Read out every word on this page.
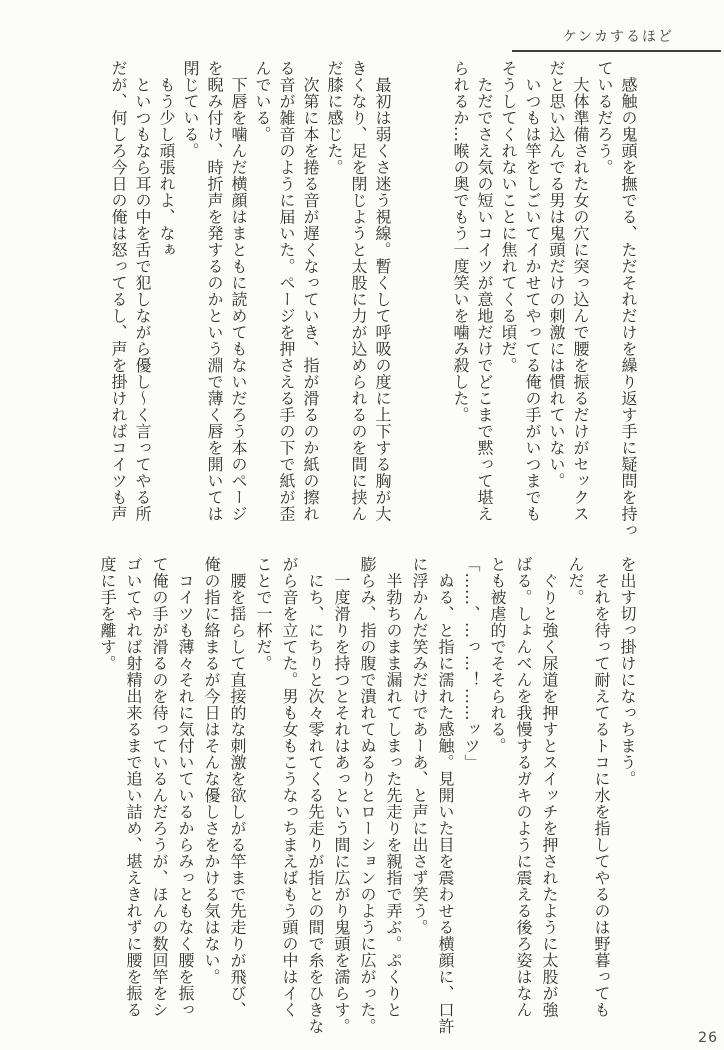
ケンカするほど

　感触の鬼頭を撫でる、ただそれだけを繰り返す手に疑問を持っ

ているだろう。

　大体準備された女の穴に突っ込んで腰を振るだけがセックス

だと思い込んでる男は鬼頭だけの刺激には慣れていない。

　いつもは竿をしごいてイかせてやってる俺の手がいつまでも

そうしてくれないことに焦れてくる頃だ。

　ただでさえ気の短いコイツが意地だけでどこまで黙って堪え

られるか…喉の奥でもう一度笑いを噛み殺した。

　最初は弱くさ迷う視線。暫くして呼吸の度に上下する胸が大

きくなり、足を閉じようと太股に力が込められるのを間に挟ん

だ膝に感じた。

　次第に本を捲る音が遅くなっていき、指が滑るのか紙の擦れ

る音が雑音のように届いた。ページを押さえる手の下で紙が歪

んでいる。

　下唇を噛んだ横顔はまともに読めてもないだろう本のページ

を睨み付け、時折声を発するのかという淵で薄く唇を開いては

閉じている。

　もう少し頑張れよ、なぁ

　といつもなら耳の中を舌で犯しながら優し～く言ってやる所

だが、何しろ今日の俺は怒ってるし、声を掛ければコイツも声

を出す切っ掛けになっちまう。

　それを待って耐えてるトコに水を指してやるのは野暮っても

んだ。

　ぐりと強く尿道を押すとスイッチを押されたように太股が強

ばる。しょんべんを我慢するガキのように震える後ろ姿はなん

とも被虐的でそそられる。

「……、…っ…！……ッツ」

　ぬる、と指に濡れた感触。見開いた目を震わせる横顔に、口許

に浮かんだ笑みだけであーあ、と声に出さず笑う。

　半勃ちのまま漏れてしまった先走りを親指で弄ぶ。ぷくりと

膨らみ、指の腹で潰れてぬるりとローションのように広がった。

　一度滑りを持つとそれはあっという間に広がり鬼頭を濡らす。

　にち、にちりと次々零れてくる先走りが指との間で糸をひきな

がら音を立てた。男も女もこうなっちまえばもう頭の中はイく

ことで一杯だ。

　腰を揺らして直接的な刺激を欲しがる竿まで先走りが飛び、

俺の指に絡まるが今日はそんな優しさをかける気はない。

　コイツも薄々それに気付いているからみっともなく腰を振っ

て俺の手が滑るのを待っているんだろうが、ほんの数回竿をシ

ゴいてやれば射精出来るまで追い詰め、堪えきれずに腰を振る

度に手を離す。

26
